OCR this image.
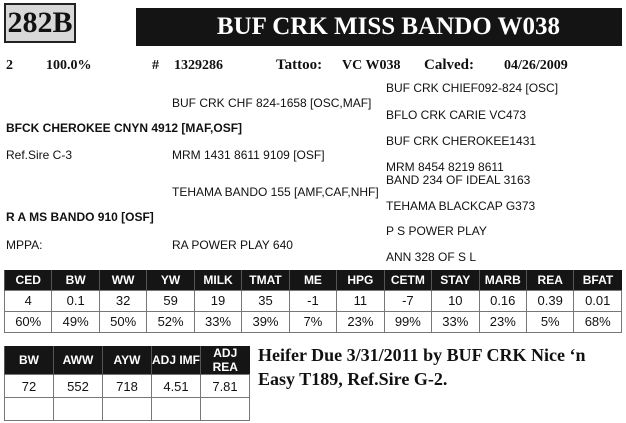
282B	BUF CRK MISS BANDO W038
2 100.0%	# 1329286	Tattoo: VC W038 Calved: 04/26/2009
BUF CRK CHF 824-1658 [OSC,MAF]
BFCK CHEROKEE CNYN 4912 [MAF,OSF]
Ref.Sire C-3	MRM 1431 8611 9109 [OSF]
TEHAMA BANDO 155 [AMF,CAF,NHF]
R A MS BANDO 910 [OSF]
MPPA:	RA POWER PLAY 640
BUF CRK CHIEF092-824 [OSC]
BFLO CRK CARIE VC473
BUF CRK CHEROKEE1431
MRM 8454 8219 8611
BAND 234 OF IDEAL 3163
TEHAMA BLACKCAP G373
P S POWER PLAY
ANN 328 OF S L
CED	BW	WW	YW	MILK	TMAT	ME	HPG	CETM	STAY	MARB	REA	BFAT
4	0.1	32	59	19	35	-1	11	-7	10	0.16	0.39	0.01
60%	49%	50%	52%	33%	39%	7%	23%	99%	33%	23%	5%	68%
BW	AWW	AYW	ADJ IMF	ADJ REA
72	552	718	4.51	7.81

Heifer Due 3/31/2011 by BUF CRK Nice ‘n Easy T189, Ref.Sire G-2.
